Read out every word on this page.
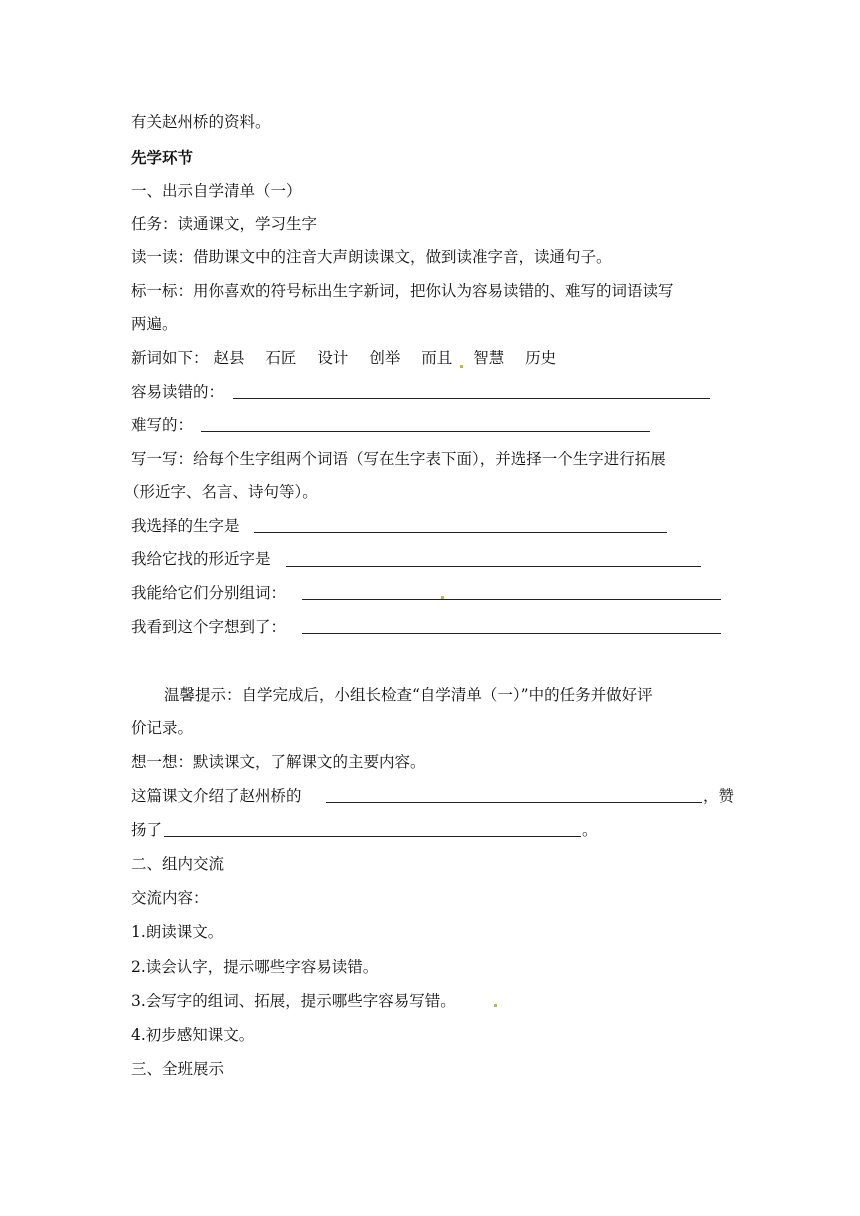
有关赵州桥的资料。
先学环节
一、出示自学清单（一）
任务：读通课文，学习生字
读一读：借助课文中的注音大声朗读课文，做到读准字音，读通句子。
标一标：用你喜欢的符号标出生字新词，把你认为容易读错的、难写的词语读写
两遍。
新词如下： 赵县 石匠 设计 创举 而且 智慧 历史
容易读错的：
难写的：
写一写：给每个生字组两个词语（写在生字表下面），并选择一个生字进行拓展
（形近字、名言、诗句等）。
我选择的生字是
我给它找的形近字是
我能给它们分别组词：
我看到这个字想到了：
温馨提示：自学完成后，小组长检查“自学清单（一）”中的任务并做好评
价记录。
想一想：默读课文，了解课文的主要内容。
这篇课文介绍了赵州桥的	，赞
扬了	。
二、组内交流
交流内容：
1.朗读课文。
2.读会认字，提示哪些字容易读错。
3.会写字的组词、拓展，提示哪些字容易写错。
4.初步感知课文。
三、全班展示
